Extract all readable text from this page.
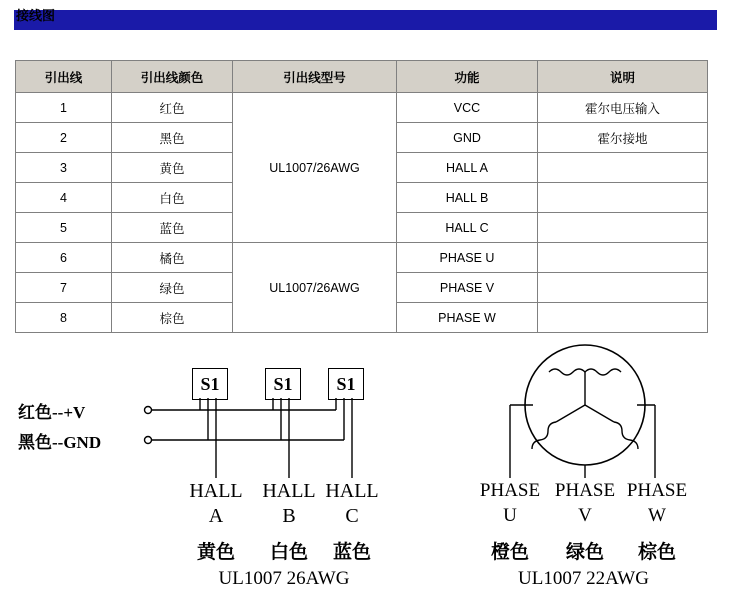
接线图
引出线	引出线颜色	引出线型号	功能	说明
1	红色	UL1007/26AWG	VCC	霍尔电压输入
2	黑色		GND	霍尔接地
3	黄色		HALL A	
4	白色		HALL B	
5	蓝色		HALL C	
6	橘色	UL1007/26AWG	PHASE U	
7	绿色		PHASE V	
8	棕色		PHASE W	
红色--+V
黑色--GND
S1	S1	S1
HALL
A
HALL
B
HALL
C
黄色	白色	蓝色
UL1007 26AWG
PHASE
U
PHASE
V
PHASE
W
橙色	绿色	棕色
UL1007 22AWG
